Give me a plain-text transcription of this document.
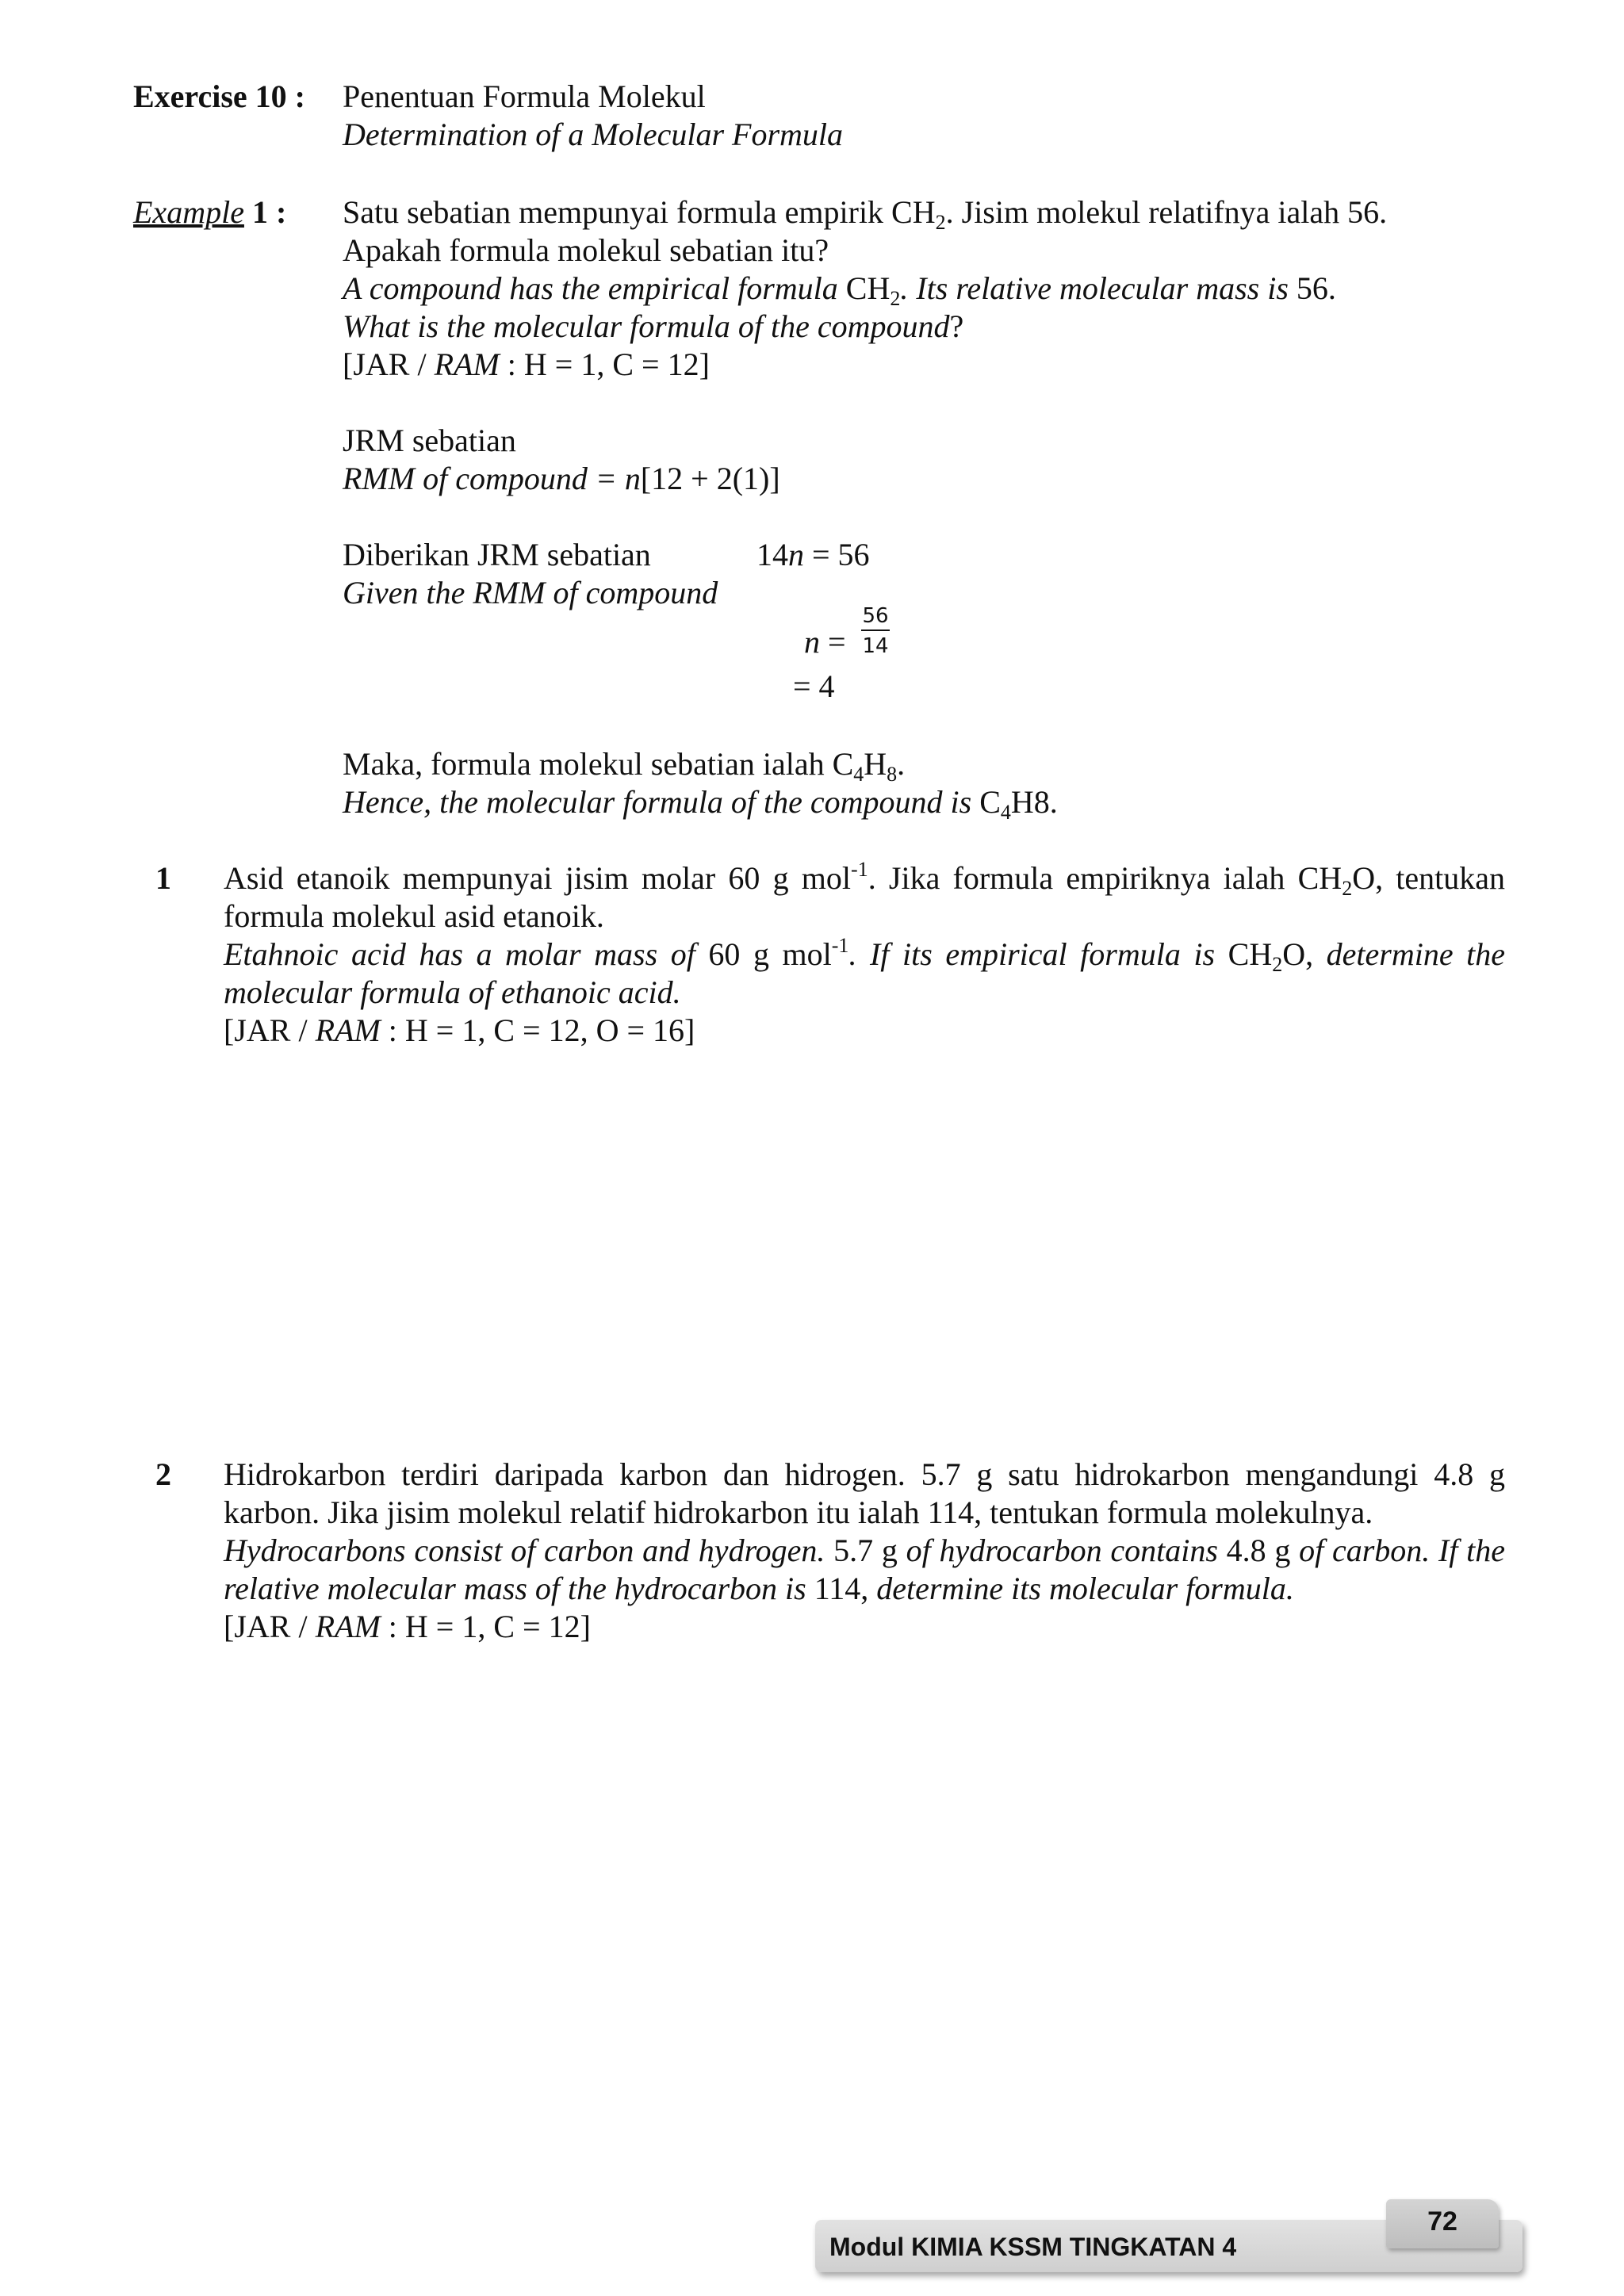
Exercise 10 : Penentuan Formula Molekul
Determination of a Molecular Formula
Example 1 : Satu sebatian mempunyai formula empirik $CH_2$. Jisim molekul relatifnya ialah 56.
Apakah formula molekul sebatian itu?
A compound has the empirical formula $CH_2$. Its relative molecular mass is 56.
What is the molecular formula of the compound?
[JAR / RAM : H = 1, C = 12]
JRM sebatian
RMM of compound = n[12 + 2(1)]
Diberikan JRM sebatian	14n = 56
Given the RMM of compound
$n = \frac{56}{14}$
= 4
Maka, formula molekul sebatian ialah $C_4H_8$.
Hence, the molecular formula of the compound is $C_4H8$.
1	Asid etanoik mempunyai jisim molar 60 g mol$^{-1}$. Jika formula empiriknya ialah $CH_2O$, tentukan formula molekul asid etanoik.
Etahnoic acid has a molar mass of 60 g mol$^{-1}$. If its empirical formula is $CH_2O$, determine the molecular formula of ethanoic acid.
[JAR / RAM : H = 1, C = 12, O = 16]
2	Hidrokarbon terdiri daripada karbon dan hidrogen. 5.7 g satu hidrokarbon mengandungi 4.8 g karbon. Jika jisim molekul relatif hidrokarbon itu ialah 114, tentukan formula molekulnya.
Hydrocarbons consist of carbon and hydrogen. 5.7 g of hydrocarbon contains 4.8 g of carbon. If the relative molecular mass of the hydrocarbon is 114, determine its molecular formula.
[JAR / RAM : H = 1, C = 12]
Modul KIMIA KSSM TINGKATAN 4
72
